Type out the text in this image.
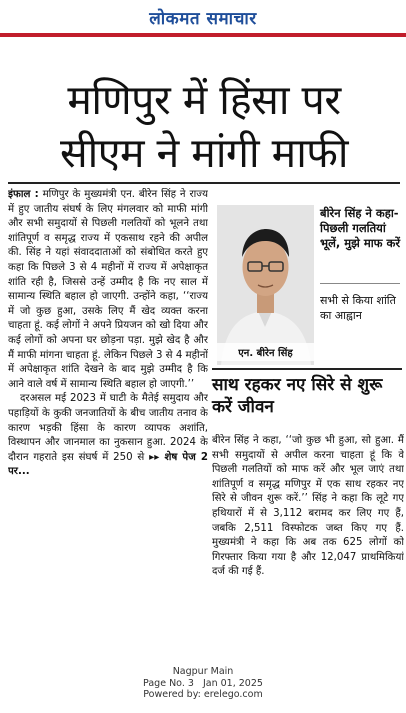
लोकमत समाचार
मणिपुर में हिंसा पर
सीएम ने मांगी माफी

इंफाल : मणिपुर के मुख्यमंत्री एन. बीरेन सिंह ने राज्य में हुए जातीय संघर्ष के लिए मंगलवार को माफी मांगी और सभी समुदायों से पिछली गलतियों को भूलने तथा शांतिपूर्ण व समृद्ध राज्य में एकसाथ रहने की अपील की. सिंह ने यहां संवाददाताओं को संबोधित करते हुए कहा कि पिछले 3 से 4 महीनों में राज्य में अपेक्षाकृत शांति रही है, जिससे उन्हें उम्मीद है कि नए साल में सामान्य स्थिति बहाल हो जाएगी. उन्होंने कहा, ‘‘राज्य में जो कुछ हुआ, उसके लिए मैं खेद व्यक्त करना चाहता हूं. कई लोगों ने अपने प्रियजन को खो दिया और कई लोगों को अपना घर छोड़ना पड़ा. मुझे खेद है और मैं माफी मांगना चाहता हूं. लेकिन पिछले 3 से 4 महीनों में अपेक्षाकृत शांति देखने के बाद मुझे उम्मीद है कि आने वाले वर्ष में सामान्य स्थिति बहाल हो जाएगी.’’

दरअसल मई 2023 में घाटी के मैतेई समुदाय और पहाड़ियों के कुकी जनजातियों के बीच जातीय तनाव के कारण भड़की हिंसा के कारण व्यापक अशांति, विस्थापन और जानमाल का नुकसान हुआ. 2024 के दौरान गहराते इस संघर्ष में 250 से ▸▸ शेष पेज 2 पर...

एन. बीरेन सिंह
बीरेन सिंह ने कहा-पिछली गलतियां भूलें, मुझे माफ करें
सभी से किया शांति का आह्वान
साथ रहकर नए सिरे से शुरू करें जीवन

बीरेन सिंह ने कहा, ‘‘जो कुछ भी हुआ, सो हुआ. मैं सभी समुदायों से अपील करना चाहता हूं कि वे पिछली गलतियों को माफ करें और भूल जाएं तथा शांतिपूर्ण व समृद्ध मणिपुर में एक साथ रहकर नए सिरे से जीवन शुरू करें.’’ सिंह ने कहा कि लूटे गए हथियारों में से 3,112 बरामद कर लिए गए हैं, जबकि 2,511 विस्फोटक जब्त किए गए हैं. मुख्यमंत्री ने कहा कि अब तक 625 लोगों को गिरफ्तार किया गया है और 12,047 प्राथमिकियां दर्ज की गई हैं.

Nagpur Main
Page No. 3   Jan 01, 2025
Powered by: erelego.com
